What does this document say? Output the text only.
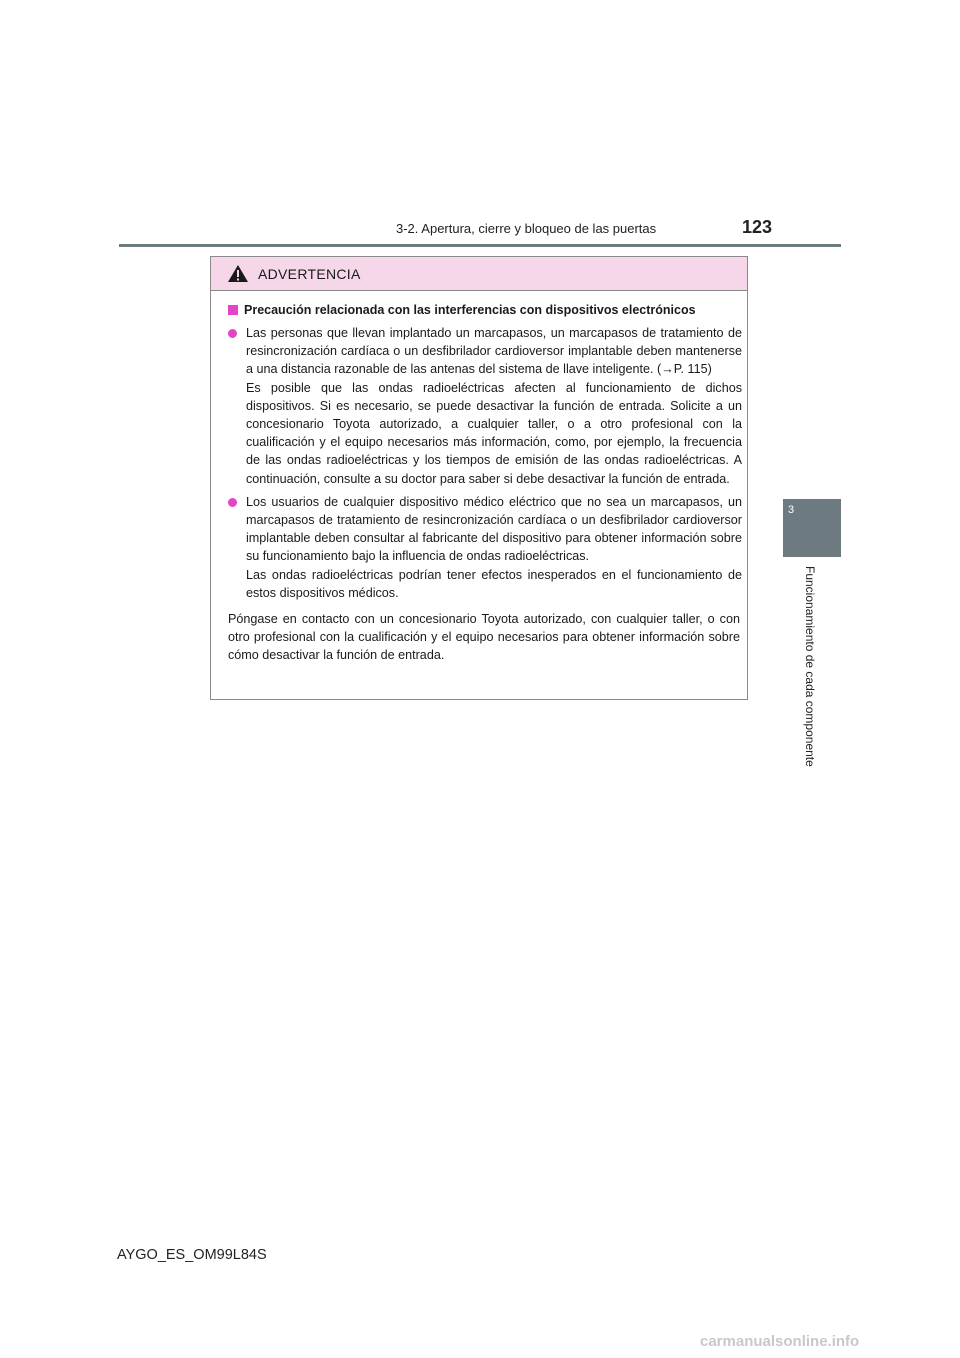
3-2. Apertura, cierre y bloqueo de las puertas	123
3
Funcionamiento de cada componente
ADVERTENCIA
Precaución relacionada con las interferencias con dispositivos electrónicos

Las personas que llevan implantado un marcapasos, un marcapasos de tratamiento de resincronización cardíaca o un desfibrilador cardioversor implantable deben mantenerse a una distancia razonable de las antenas del sistema de llave inteligente. (→P. 115)

Es posible que las ondas radioeléctricas afecten al funcionamiento de dichos dispositivos. Si es necesario, se puede desactivar la función de entrada. Solicite a un concesionario Toyota autorizado, a cualquier taller, o a otro profesional con la cualificación y el equipo necesarios más información, como, por ejemplo, la frecuencia de las ondas radioeléctricas y los tiempos de emisión de las ondas radioeléctricas. A continuación, consulte a su doctor para saber si debe desactivar la función de entrada.

Los usuarios de cualquier dispositivo médico eléctrico que no sea un marcapasos, un marcapasos de tratamiento de resincronización cardíaca o un desfibrilador cardioversor implantable deben consultar al fabricante del dispositivo para obtener información sobre su funcionamiento bajo la influencia de ondas radioeléctricas.

Las ondas radioeléctricas podrían tener efectos inesperados en el funcionamiento de estos dispositivos médicos.

Póngase en contacto con un concesionario Toyota autorizado, con cualquier taller, o con otro profesional con la cualificación y el equipo necesarios para obtener información sobre cómo desactivar la función de entrada.
AYGO_ES_OM99L84S
carmanualsonline.info
